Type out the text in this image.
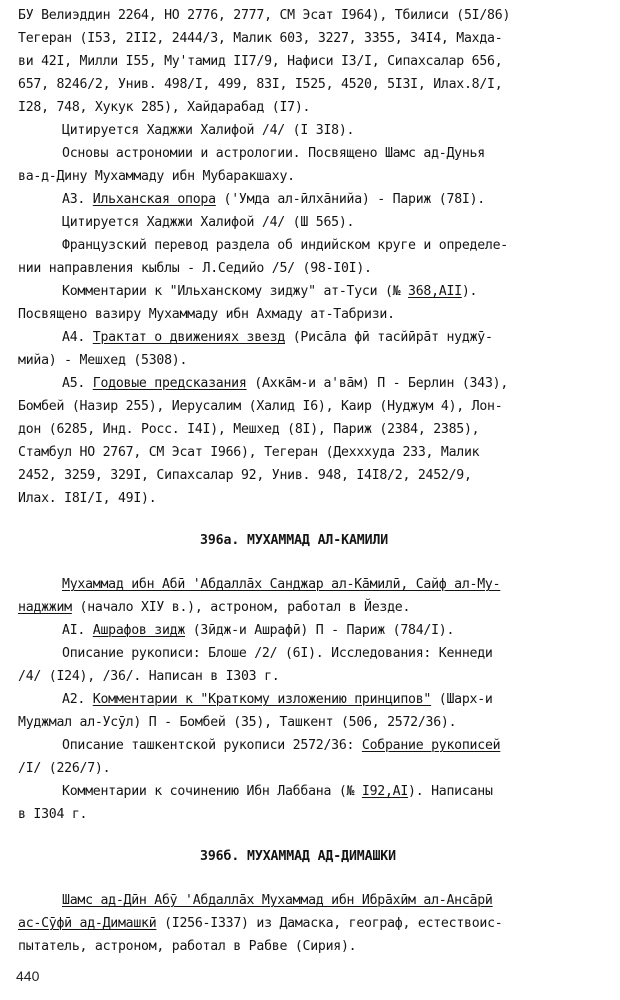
БУ Велиэддин 2264, НО 2776, 2777, СМ Эсат I964), Тбилиси (5I/86)
Тегеран (I53, 2II2, 2444/3, Малик 603, 3227, 3355, 34I4, Махда-
ви 42I, Милли I55, Му'тамид II7/9, Нафиси I3/I, Сипахсалар 656,
657, 8246/2, Унив. 498/I, 499, 83I, I525, 4520, 5I3I, Илах.8/I,
I28, 748, Хукук 285), Хайдарабад (I7).
Цитируется Хаджжи Халифой /4/ (I 3I8).
Основы астрономии и астрологии. Посвящено Шамс ад-Дунья
ва-д-Дину Мухаммаду ибн Мубаракшаху.
А3. Ильханская опора ('Умда ал-ӣлхāнийа) - Париж (78I).
Цитируется Хаджжи Халифой /4/ (Ш 565).
Французский перевод раздела об индийском круге и определе-
нии направления кыблы - Л.Седийо /5/ (98-I0I).
Комментарии к "Ильханскому зиджу" ат-Туси (№ 368,AII).
Посвящено вазиру Мухаммаду ибн Ахмаду ат-Табризи.
А4. Трактат о движениях звезд (Рисāла фӣ тасйӣрāт нуджӯ-
мийа) - Мешхед (5308).
А5. Годовые предсказания (Ахкāм-и а'вāм) П - Берлин (343),
Бомбей (Назир 255), Иерусалим (Халид I6), Каир (Нуджум 4), Лон-
дон (6285, Инд. Росс. I4I), Мешхед (8I), Париж (2384, 2385),
Стамбул НО 2767, СМ Эсат I966), Тегеран (Дехххуда 233, Малик
2452, 3259, 329I, Сипахсалар 92, Унив. 948, I4I8/2, 2452/9,
Илах. I8I/I, 49I).
396а. МУХАММАД АЛ-КАМИЛИ
Мухаммад ибн Абӣ 'Абдаллāх Санджар ал-Кāмилӣ, Сайф ал-Му-
наджжим (начало XIУ в.), астроном, работал в Йезде.
AI. Ашрафов зидж (Зӣдж-и Ашрафӣ) П - Париж (784/I).
Описание рукописи: Блоше /2/ (6I). Исследования: Кеннеди
/4/ (I24), /36/. Написан в I303 г.
А2. Комментарии к "Краткому изложению принципов" (Шарх-и
Муджмал ал-Усӯл) П - Бомбей (35), Ташкент (506, 2572/36).
Описание ташкентской рукописи 2572/36: Собрание рукописей
/I/ (226/7).
Комментарии к сочинению Ибн Лаббана (№ I92,AI). Написаны
в I304 г.
396б. МУХАММАД АД-ДИМАШКИ
Шамс ад-Дӣн Абӯ 'Абдаллāх Мухаммад ибн Ибрāхӣм ал-Ансāрӣ
ас-Сӯфӣ ад-Димашкӣ (I256-I337) из Дамаска, географ, естествоис-
пытатель, астроном, работал в Рабве (Сирия).
440
